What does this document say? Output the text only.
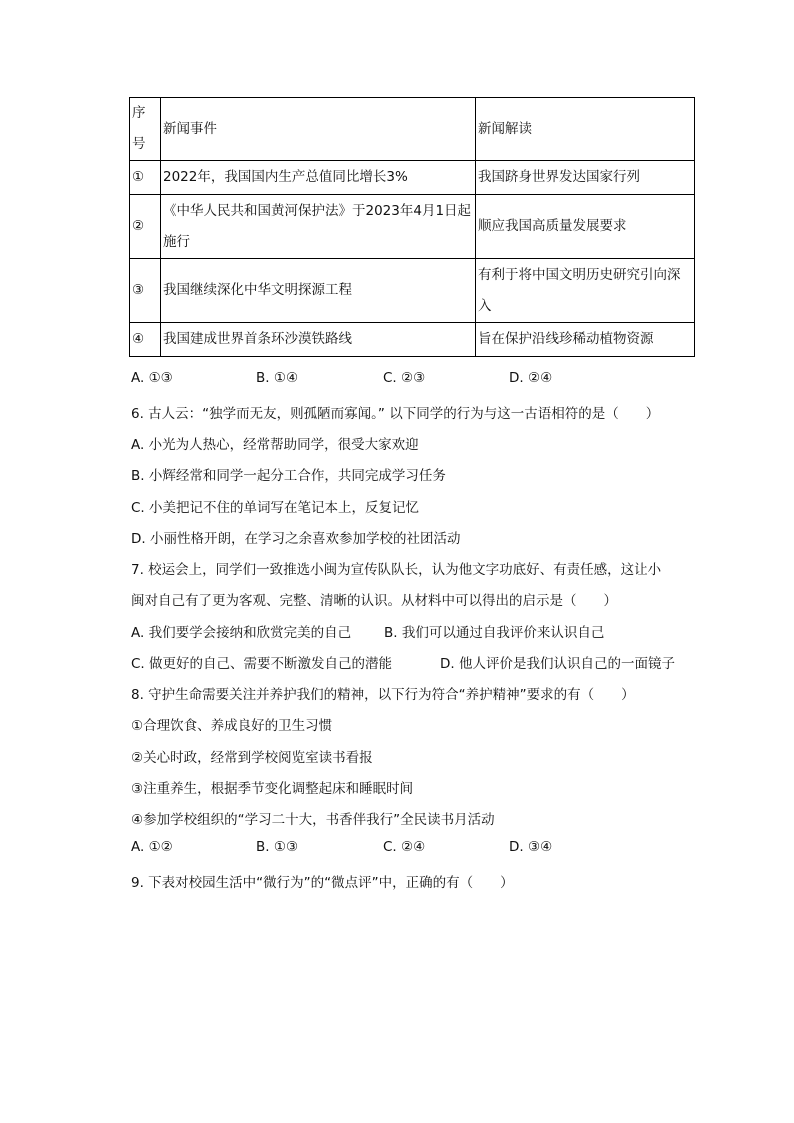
序号	新闻事件	新闻解读
①	2022年，我国国内生产总值同比增长3%	我国跻身世界发达国家行列
②	《中华人民共和国黄河保护法》于2023年4月1日起施行	顺应我国高质量发展要求
③	我国继续深化中华文明探源工程	有利于将中国文明历史研究引向深入
④	我国建成世界首条环沙漠铁路线	旨在保护沿线珍稀动植物资源
A. ①③	B. ①④	C. ②③	D. ②④
6. 古人云：“独学而无友，则孤陋而寡闻。” 以下同学的行为与这一古语相符的是（　　）
A. 小光为人热心，经常帮助同学，很受大家欢迎
B. 小辉经常和同学一起分工合作，共同完成学习任务
C. 小美把记不住的单词写在笔记本上，反复记忆
D. 小丽性格开朗，在学习之余喜欢参加学校的社团活动
7. 校运会上，同学们一致推选小闽为宣传队队长，认为他文字功底好、有责任感，这让小
闽对自己有了更为客观、完整、清晰的认识。从材料中可以得出的启示是（　　）
A. 我们要学会接纳和欣赏完美的自己 B. 我们可以通过自我评价来认识自己
C. 做更好的自己、需要不断激发自己的潜能	D. 他人评价是我们认识自己的一面镜子
8. 守护生命需要关注并养护我们的精神，以下行为符合“养护精神”要求的有（　　）
①合理饮食、养成良好的卫生习惯
②关心时政，经常到学校阅览室读书看报
③注重养生，根据季节变化调整起床和睡眠时间
④参加学校组织的“学习二十大，书香伴我行”全民读书月活动
A. ①②	B. ①③	C. ②④	D. ③④
9. 下表对校园生活中“微行为”的“微点评”中，正确的有（　　）
